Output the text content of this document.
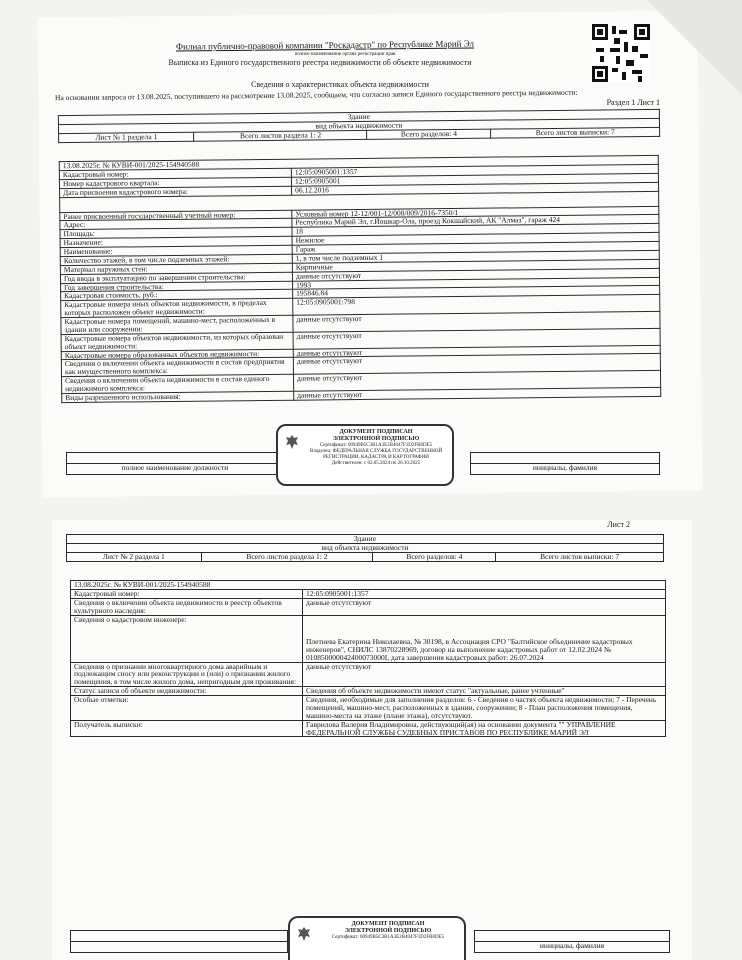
Филиал публично-правовой компании "Роскадастр" по Республике Марий Эл
полное наименование органа регистрации прав
Выписка из Единого государственного реестра недвижимости об объекте недвижимости
Сведения о характеристиках объекта недвижимости
На основании запроса от 13.08.2025, поступившего на рассмотрение 13.08.2025, сообщаем, что согласно записи Единого государственного реестра недвижимости:
Раздел 1 Лист 1
Здание
вид объекта недвижимости
Лист № 1 раздела 1	Всего листов раздела 1: 2	Всего разделов: 4	Всего листов выписки: 7
13.08.2025г. № КУВИ-001/2025-154940588	
Кадастровый номер:	12:05:0905001:1357
Номер кадастрового квартала:	12:05:0905001
Дата присвоения кадастрового номера:	06.12.2016

Ранее присвоенный государственный учетный номер:	Условный номер 12-12/001-12/008/009/2016-7350/1
Адрес:	Республика Марий Эл, г.Йошкар-Ола, проезд Кокшайский, АК "Алмаз", гараж 424
Площадь:	18
Назначение:	Нежилое
Наименование:	Гараж
Количество этажей, в том числе подземных этажей:	1, в том числе подземных 1
Материал наружных стен:	Кирпичные
Год ввода в эксплуатацию по завершении строительства:	данные отсутствуют
Год завершения строительства:	1993
Кадастровая стоимость, руб.:	195846.84
Кадастровые номера иных объектов недвижимости, в пределах которых расположен объект недвижимости:	12:05:0905001:798
Кадастровые номера помещений, машино-мест, расположенных в здании или сооружении:	данные отсутствуют
Кадастровые номера объектов недвижимости, из которых образован объект недвижимости:	данные отсутствуют
Кадастровые номера образованных объектов недвижимости:	данные отсутствуют
Сведения о включении объекта недвижимости в состав предприятия как имущественного комплекса:	данные отсутствуют
Сведения о включении объекта недвижимости в состав единого недвижимого комплекса:	данные отсутствуют
Виды разрешенного использования:	данные отсутствуют

полное наименование должности		инициалы, фамилия
ДОКУМЕНТ ПОДПИСАН
ЭЛЕКТРОННОЙ ПОДПИСЬЮ
Сертификат: 00949B5C3B1A3E2B4047F1D2FB0DE5
Владелец: ФЕДЕРАЛЬНАЯ СЛУЖБА ГОСУДАРСТВЕННОЙ
РЕГИСТРАЦИИ, КАДАСТРА И КАРТОГРАФИИ
Действителен: с 02.05.2024 по 26.10.2025
Лист 2
Здание
вид объекта недвижимости
Лист № 2 раздела 1	Всего листов раздела 1: 2	Всего разделов: 4	Всего листов выписки: 7
13.08.2025г. № КУВИ-001/2025-154940588	
Кадастровый номер:	12:05:0905001:1357
Сведения о включении объекта недвижимости в реестр объектов культурного наследия:	данные отсутствуют
Сведения о кадастровом инженере:	Плетнева Екатерина Николаевна, № 30198, в Ассоциация СРО "Балтийское объединение кадастровых инженеров", СНИЛС 13870228969, договор на выполнение кадастровых работ от 12.02.2024 № 010850000042400073000I, дата завершения кадастровых работ: 26.07.2024
Сведения о признании многоквартирного дома аварийным и подлежащим сносу или реконструкции и (или) о признании жилого помещения, в том числе жилого дома, непригодным для проживания:	данные отсутствуют
Статус записи об объекте недвижимости:	Сведения об объекте недвижимости имеют статус "актуальные, ранее учтенные"
Особые отметки:	Сведения, необходимые для заполнения разделов: 6 - Сведения о частях объекта недвижимости; 7 - Перечень помещений, машино-мест, расположенных в здании, сооружении; 8 - План расположения помещения, машино-места на этаже (плане этажа), отсутствуют.
Получатель выписки:	Гаврилова Валерия Владимировна, действующий(ая) на основании документа "" УПРАВЛЕНИЕ ФЕДЕРАЛЬНОЙ СЛУЖБЫ СУДЕБНЫХ ПРИСТАВОВ ПО РЕСПУБЛИКЕ МАРИЙ ЭЛ

		инициалы, фамилия
ДОКУМЕНТ ПОДПИСАН
ЭЛЕКТРОННОЙ ПОДПИСЬЮ
Сертификат: 00949B5C3B1A3E2B4047F1D2FB0DE5
